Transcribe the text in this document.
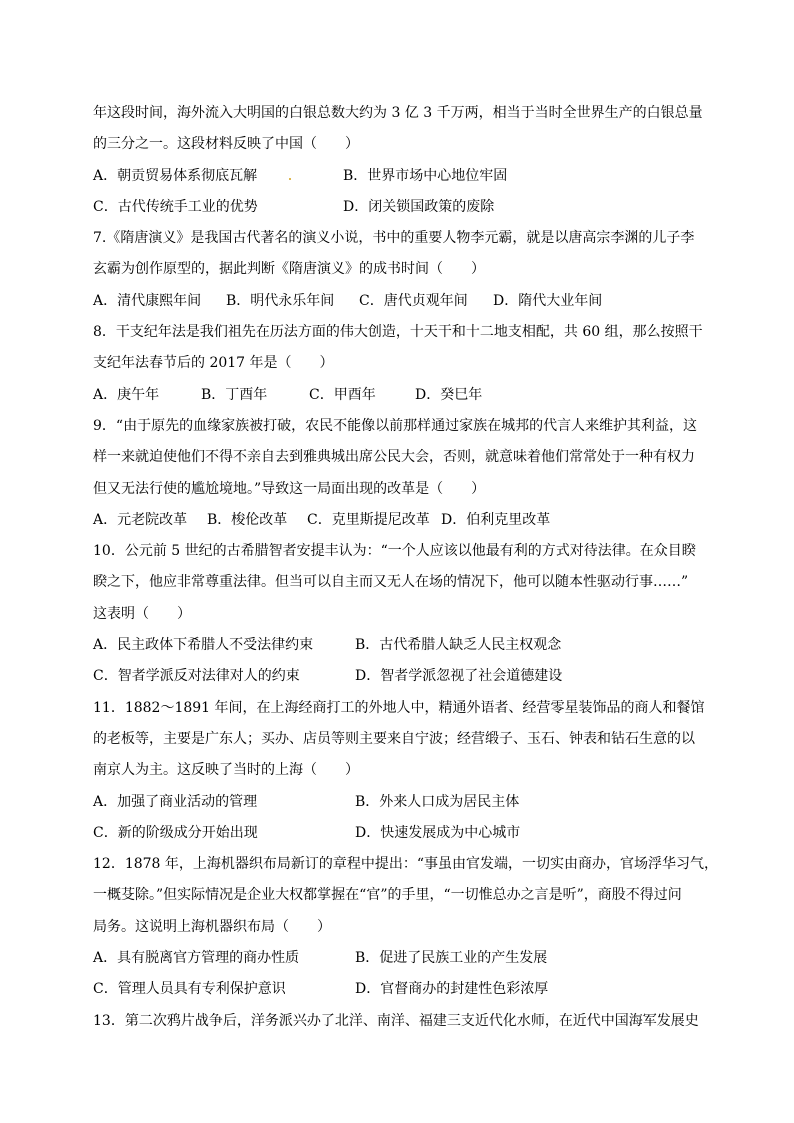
年这段时间，海外流入大明国的白银总数大约为 3 亿 3 千万两，相当于当时全世界生产的白银总量
的三分之一。这段材料反映了中国（　　）
A．朝贡贸易体系彻底瓦解	B．世界市场中心地位牢固
C．古代传统手工业的优势	D．闭关锁国政策的废除
7.《隋唐演义》是我国古代著名的演义小说，书中的重要人物李元霸，就是以唐高宗李渊的儿子李
玄霸为创作原型的，据此判断《隋唐演义》的成书时间（　　）
A．清代康熙年间 B．明代永乐年间 C．唐代贞观年间 D．隋代大业年间
8．干支纪年法是我们祖先在历法方面的伟大创造，十天干和十二地支相配，共 60 组，那么按照干
支纪年法春节后的 2017 年是（　　）
A．庚午年	B．丁酉年	C．甲酉年	D．癸巳年
9．“由于原先的血缘家族被打破，农民不能像以前那样通过家族在城邦的代言人来维护其利益，这
样一来就迫使他们不得不亲自去到雅典城出席公民大会，否则，就意味着他们常常处于一种有权力
但又无法行使的尴尬境地。”导致这一局面出现的改革是（　　）
A．元老院改革 B．梭伦改革 C．克里斯提尼改革 D．伯利克里改革
10．公元前 5 世纪的古希腊智者安提丰认为：“一个人应该以他最有利的方式对待法律。在众目睽
睽之下，他应非常尊重法律。但当可以自主而又无人在场的情况下，他可以随本性驱动行事……”
这表明（　　）
A．民主政体下希腊人不受法律约束	B．古代希腊人缺乏人民主权观念
C．智者学派反对法律对人的约束	D．智者学派忽视了社会道德建设
11．1882～1891 年间，在上海经商打工的外地人中，精通外语者、经营零星装饰品的商人和餐馆
的老板等，主要是广东人；买办、店员等则主要来自宁波；经营缎子、玉石、钟表和钻石生意的以
南京人为主。这反映了当时的上海（　　）
A．加强了商业活动的管理	B．外来人口成为居民主体
C．新的阶级成分开始出现	D．快速发展成为中心城市
12．1878 年，上海机器织布局新订的章程中提出：“事虽由官发端，一切实由商办，官场浮华习气，
一概芟除。”但实际情况是企业大权都掌握在“官”的手里，“一切惟总办之言是听”，商股不得过问
局务。这说明上海机器织布局（　　）
A．具有脱离官方管理的商办性质	B．促进了民族工业的产生发展
C．管理人员具有专利保护意识	D．官督商办的封建性色彩浓厚
13．第二次鸦片战争后，洋务派兴办了北洋、南洋、福建三支近代化水师，在近代中国海军发展史
